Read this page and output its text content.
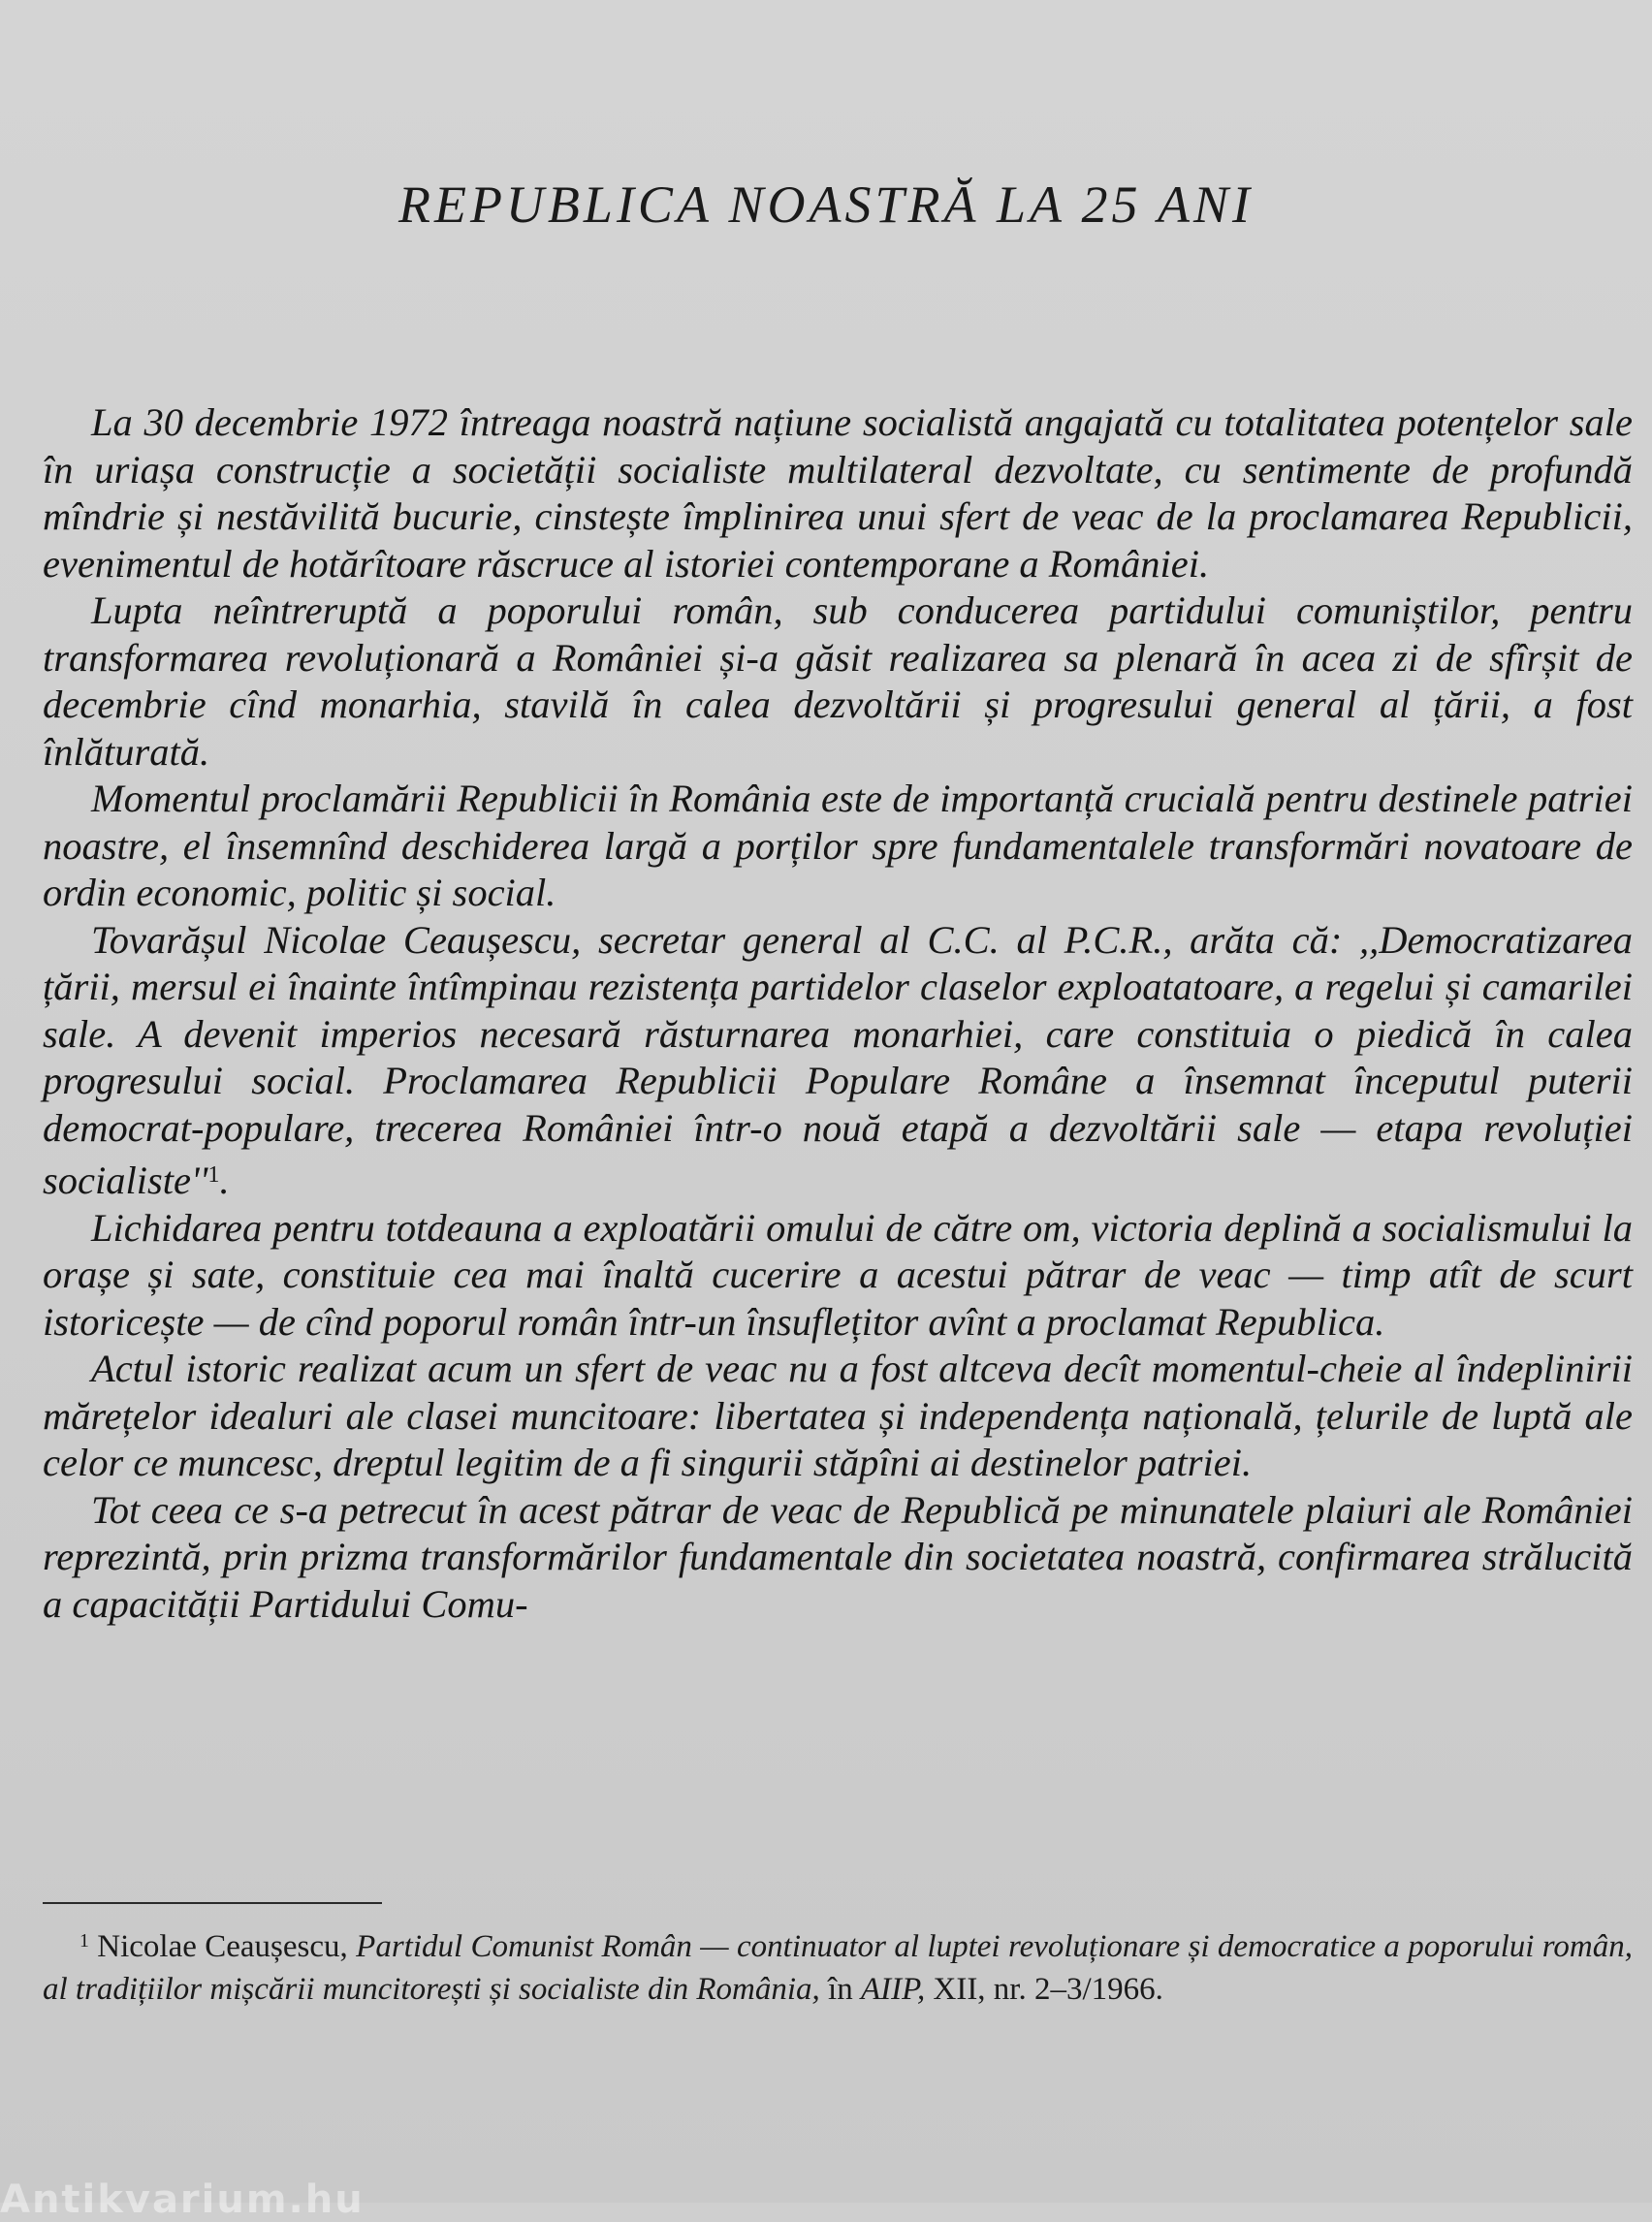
REPUBLICA NOASTRĂ LA 25 ANI

La 30 decembrie 1972 întreaga noastră națiune socialistă angajată cu totalitatea potențelor sale în uriașa construcție a societății socialiste multilateral dezvoltate, cu sentimente de profundă mîndrie și nestăvilită bucurie, cinstește împlinirea unui sfert de veac de la proclamarea Republicii, evenimentul de hotărîtoare răscruce al istoriei contemporane a României.

Lupta neîntreruptă a poporului român, sub conducerea partidului comuniștilor, pentru transformarea revoluționară a României și-a găsit realizarea sa plenară în acea zi de sfîrșit de decembrie cînd monarhia, stavilă în calea dezvoltării și progresului general al țării, a fost înlăturată.

Momentul proclamării Republicii în România este de importanță crucială pentru destinele patriei noastre, el însemnînd deschiderea largă a porților spre fundamentalele transformări novatoare de ordin economic, politic și social.

Tovarășul Nicolae Ceaușescu, secretar general al C.C. al P.C.R., arăta că: ,,Democratizarea țării, mersul ei înainte întîmpinau rezistența partidelor claselor exploatatoare, a regelui și camarilei sale. A devenit imperios necesară răsturnarea monarhiei, care constituia o piedică în calea progresului social. Proclamarea Republicii Populare Române a însemnat începutul puterii democrat-populare, trecerea României într-o nouă etapă a dezvoltării sale — etapa revoluției $socialiste''^1$.

Lichidarea pentru totdeauna a exploatării omului de către om, victoria deplină a socialismului la orașe și sate, constituie cea mai înaltă cucerire a acestui pătrar de veac — timp atît de scurt istoricește — de cînd poporul român într-un însuflețitor avînt a proclamat Republica.

Actul istoric realizat acum un sfert de veac nu a fost altceva decît momentul-cheie al îndeplinirii mărețelor idealuri ale clasei muncitoare: libertatea și independența națională, țelurile de luptă ale celor ce muncesc, dreptul legitim de a fi singurii stăpîni ai destinelor patriei.

Tot ceea ce s-a petrecut în acest pătrar de veac de Republică pe minunatele plaiuri ale României reprezintă, prin prizma transformărilor fundamentale din societatea noastră, confirmarea strălucită a capacității Partidului Comu-

$^1$ Nicolae Ceaușescu, Partidul Comunist Român — continuator al luptei revoluționare și democratice a poporului român, al tradițiilor mișcării muncitorești și socialiste din România, în AIIP, XII, nr. 2–3/1966.
Antikvarium.hu
